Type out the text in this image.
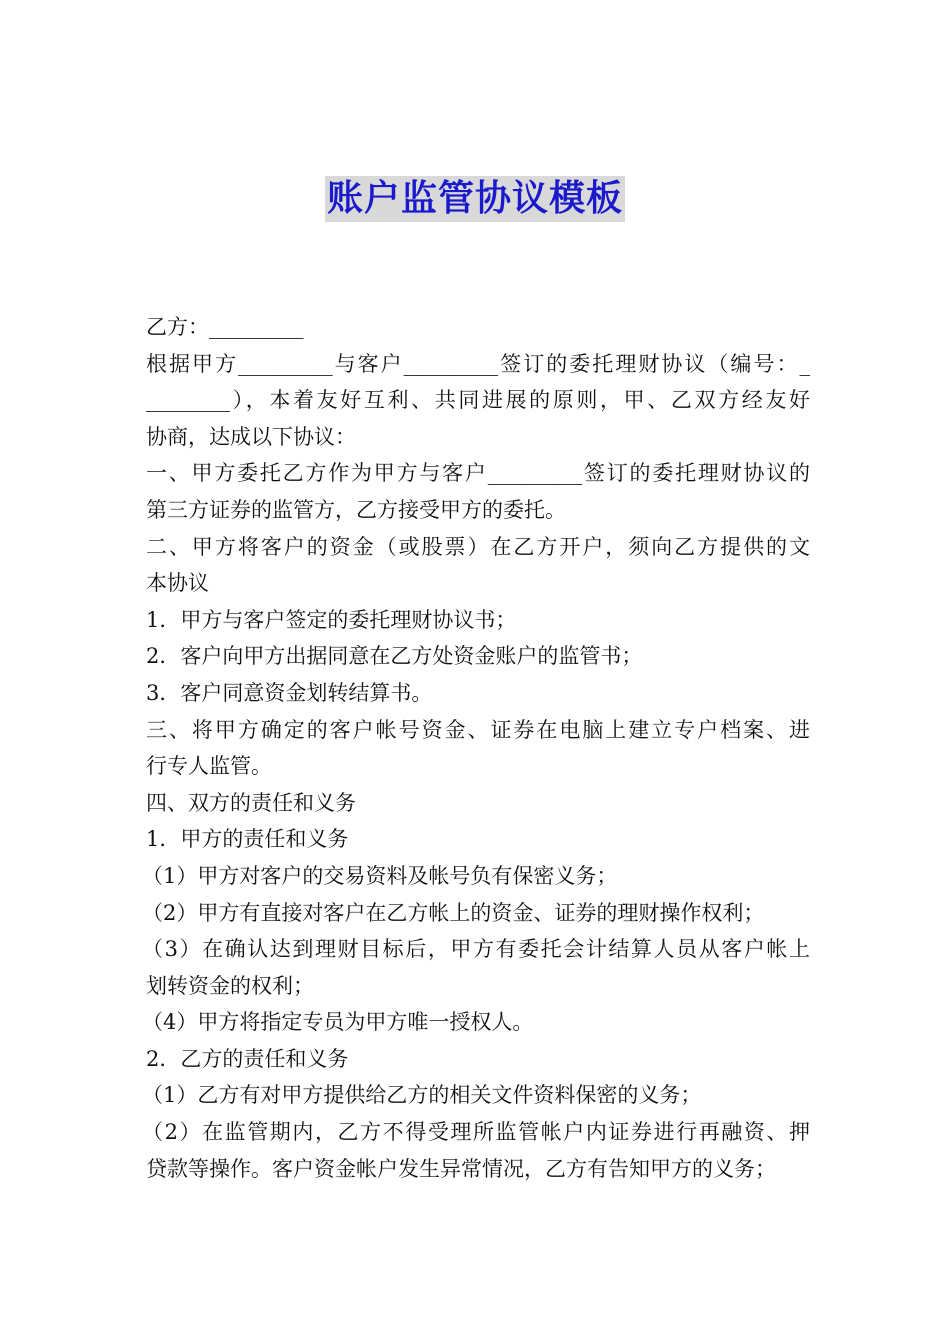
账户监管协议模板
乙方：_________
根据甲方_________与客户_________签订的委托理财协议（编号：_
________），本着友好互利、共同进展的原则，甲、乙双方经友好
协商，达成以下协议：
一、甲方委托乙方作为甲方与客户_________签订的委托理财协议的
第三方证券的监管方，乙方接受甲方的委托。
二、甲方将客户的资金（或股票）在乙方开户，须向乙方提供的文
本协议
1．甲方与客户签定的委托理财协议书；
2．客户向甲方出据同意在乙方处资金账户的监管书；
3．客户同意资金划转结算书。
三、将甲方确定的客户帐号资金、证券在电脑上建立专户档案、进
行专人监管。
四、双方的责任和义务
1．甲方的责任和义务
（1）甲方对客户的交易资料及帐号负有保密义务；
（2）甲方有直接对客户在乙方帐上的资金、证券的理财操作权利；
（3）在确认达到理财目标后，甲方有委托会计结算人员从客户帐上
划转资金的权利；
（4）甲方将指定专员为甲方唯一授权人。
2．乙方的责任和义务
（1）乙方有对甲方提供给乙方的相关文件资料保密的义务；
（2）在监管期内，乙方不得受理所监管帐户内证券进行再融资、押
贷款等操作。客户资金帐户发生异常情况，乙方有告知甲方的义务；
